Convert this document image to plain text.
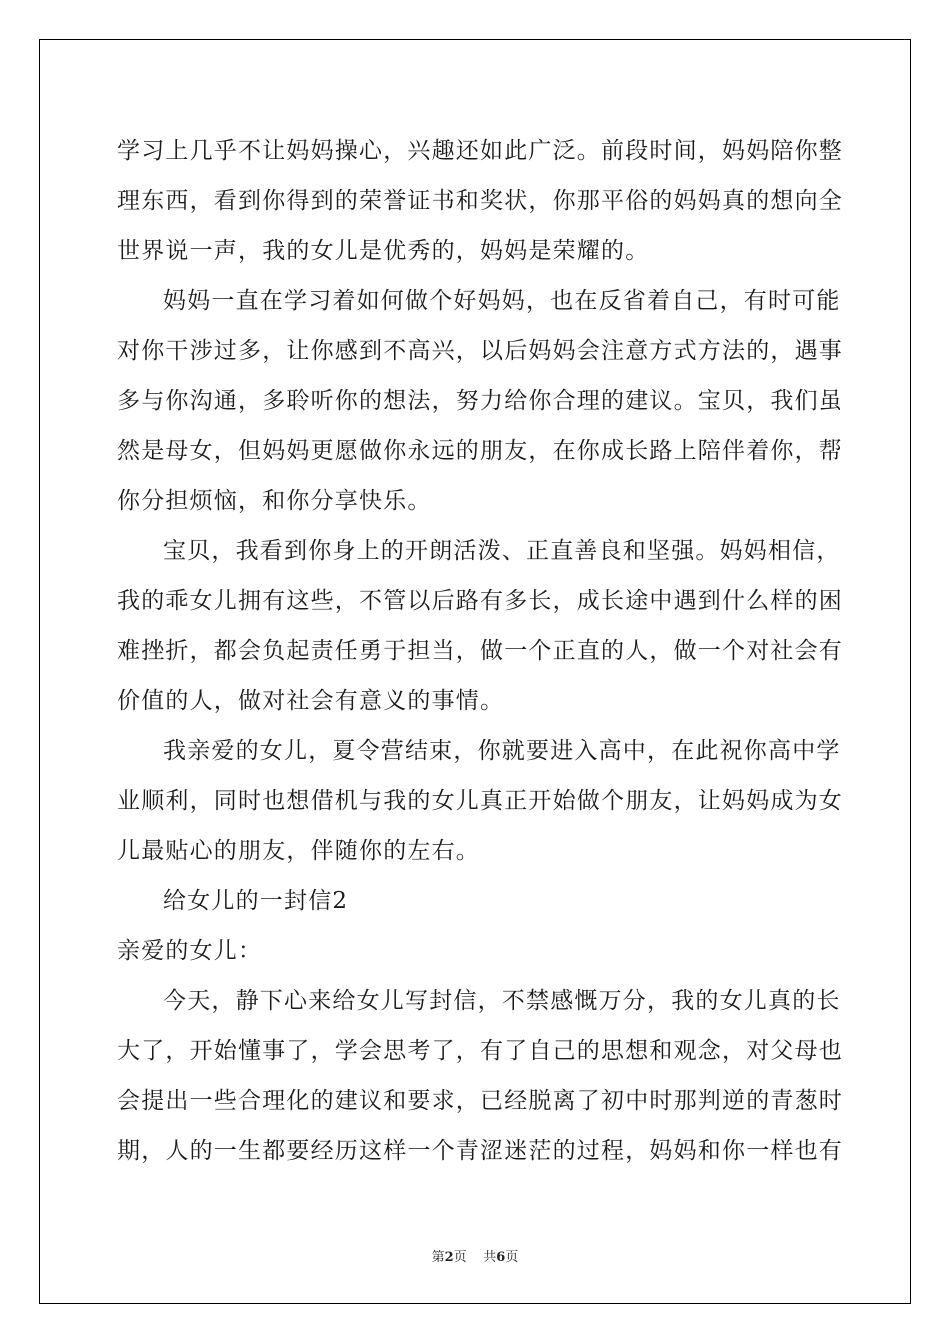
学习上几乎不让妈妈操心，兴趣还如此广泛。前段时间，妈妈陪你整
理东西，看到你得到的荣誉证书和奖状，你那平俗的妈妈真的想向全
世界说一声，我的女儿是优秀的，妈妈是荣耀的。
妈妈一直在学习着如何做个好妈妈，也在反省着自己，有时可能
对你干涉过多，让你感到不高兴，以后妈妈会注意方式方法的，遇事
多与你沟通，多聆听你的想法，努力给你合理的建议。宝贝，我们虽
然是母女，但妈妈更愿做你永远的朋友，在你成长路上陪伴着你，帮
你分担烦恼，和你分享快乐。
宝贝，我看到你身上的开朗活泼、正直善良和坚强。妈妈相信，
我的乖女儿拥有这些，不管以后路有多长，成长途中遇到什么样的困
难挫折，都会负起责任勇于担当，做一个正直的人，做一个对社会有
价值的人，做对社会有意义的事情。
我亲爱的女儿，夏令营结束，你就要进入高中，在此祝你高中学
业顺利，同时也想借机与我的女儿真正开始做个朋友，让妈妈成为女
儿最贴心的朋友，伴随你的左右。
给女儿的一封信2
亲爱的女儿：
今天，静下心来给女儿写封信，不禁感慨万分，我的女儿真的长
大了，开始懂事了，学会思考了，有了自己的思想和观念，对父母也
会提出一些合理化的建议和要求，已经脱离了初中时那判逆的青葱时
期，人的一生都要经历这样一个青涩迷茫的过程，妈妈和你一样也有
第2页 共6页
